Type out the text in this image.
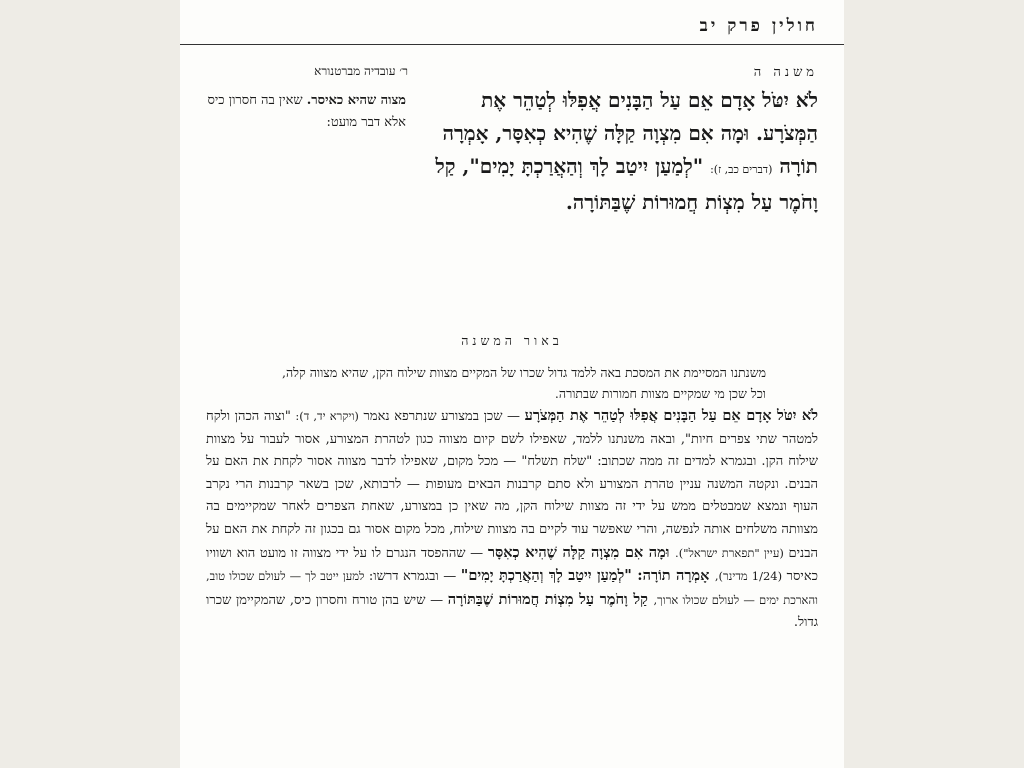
חולין פרק יב
משנה ה
לֹא יִטֹּל אָדָם אֵם עַל הַבָּנִים אֲפִלּוּ לְטַהֵר אֶת הַמְּצֹרָע. וּמָה אִם מִצְוָה קַלָּה שֶׁהִיא כְאִסָּר, אָמְרָה תוֹרָה (דברים כב, ז): "לְמַעַן יִיטַב לָךְ וְהַאֲרַכְתָּ יָמִים", קַל וָחֹמֶר עַל מִצְוֹת חֲמוּרוֹת שֶׁבַּתּוֹרָה.
ר׳ עובדיה מברטנורא
מצוה שהיא כאיסר. שאין בה חסרון כיס אלא דבר מועט:
באור המשנה
משנתנו המסיימת את המסכת באה ללמד גדול שכרו של המקיים מצוות שילוח הקן, שהיא מצווה קלה, וכל שכן מי שמקיים מצוות חמורות שבתורה.
לֹא יִטֹּל אָדָם אֵם עַל הַבָּנִים אֲפִלּוּ לְטַהֵר אֶת הַמְּצֹרָע — שכן במצורע שנתרפא נאמר (ויקרא יד, ד): "וצוה הכהן ולקח למטהר שתי צפרים חיות", ובאה משנתנו ללמד, שאפילו לשם קיום מצווה כגון לטהרת המצורע, אסור לעבור על מצוות שילוח הקן. ובגמרא למדים זה ממה שכתוב: "שלח תשלח" — מכל מקום, שאפילו לדבר מצווה אסור לקחת את האם על הבנים. ונקטה המשנה עניין טהרת המצורע ולא סתם קרבנות הבאים מעופות — לרבותא, שכן בשאר קרבנות הרי נקרב העוף ונמצא שמבטלים ממש על ידי זה מצוות שילוח הקן, מה שאין כן במצורע, שאחת הצפרים לאחר שמקיימים בה מצוותה משלחים אותה לנפשה, והרי שאפשר עוד לקיים בה מצוות שילוח, מכל מקום אסור גם בכגון זה לקחת את האם על הבנים (עיין "תפארת ישראל"). וּמָה אִם מִצְוָה קַלָּה שֶׁהִיא כְאִסָּר — שההפסד הנגרם לו על ידי מצווה זו מועט הוא ושוויו כאיסר (1/24 מדינר), אָמְרָה תוֹרָה: "לְמַעַן יִיטַב לָךְ וְהַאֲרַכְתָּ יָמִים" — ובגמרא דרשו: למען ייטב לך — לעולם שכולו טוב, והארכת ימים — לעולם שכולו ארוך, קַל וָחֹמֶר עַל מִצְוֹת חֲמוּרוֹת שֶׁבַּתּוֹרָה — שיש בהן טורח וחסרון כיס, שהמקיימן שכרו גדול.
